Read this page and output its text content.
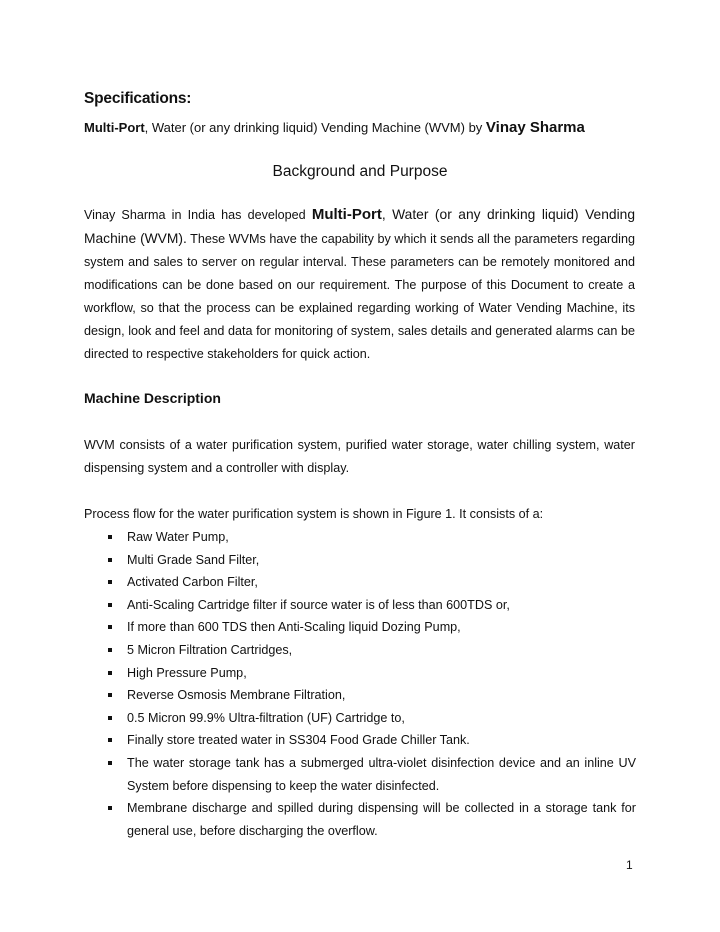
Specifications:
Multi-Port, Water (or any drinking liquid) Vending Machine (WVM) by Vinay Sharma
Background and Purpose
Vinay Sharma in India has developed Multi-Port, Water (or any drinking liquid) Vending Machine (WVM). These WVMs have the capability by which it sends all the parameters regarding system and sales to server on regular interval. These parameters can be remotely monitored and modifications can be done based on our requirement. The purpose of this Document to create a workflow, so that the process can be explained regarding working of Water Vending Machine, its design, look and feel and data for monitoring of system, sales details and generated alarms can be directed to respective stakeholders for quick action.
Machine Description
WVM consists of a water purification system, purified water storage, water chilling system, water dispensing system and a controller with display.
Process flow for the water purification system is shown in Figure 1. It consists of a:
Raw Water Pump,
Multi Grade Sand Filter,
Activated Carbon Filter,
Anti-Scaling Cartridge filter if source water is of less than 600TDS or,
If more than 600 TDS then Anti-Scaling liquid Dozing Pump,
5 Micron Filtration Cartridges,
High Pressure Pump,
Reverse Osmosis Membrane Filtration,
0.5 Micron 99.9% Ultra-filtration (UF) Cartridge to,
Finally store treated water in SS304 Food Grade Chiller Tank.
The water storage tank has a submerged ultra-violet disinfection device and an inline UV System before dispensing to keep the water disinfected.
Membrane discharge and spilled during dispensing will be collected in a storage tank for general use, before discharging the overflow.
1
